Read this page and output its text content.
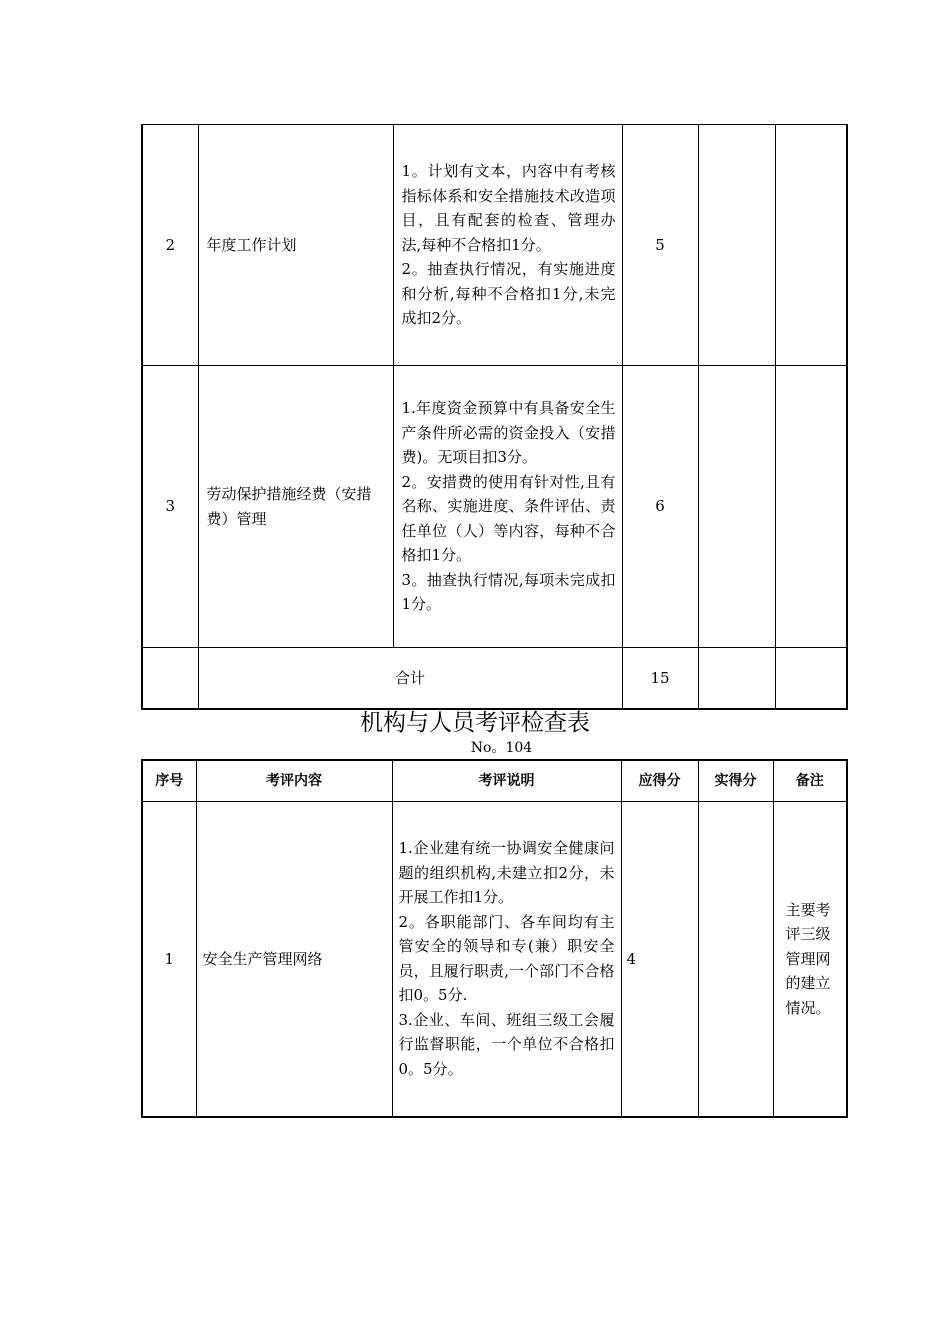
2	年度工作计划	1。计划有文本，内容中有考核指标体系和安全措施技术改造项目，且有配套的检查、管理办法,每种不合格扣1分。
2。抽查执行情况，有实施进度和分析,每种不合格扣1分,未完成扣2分。	5		
3	劳动保护措施经费（安措费）管理	1.年度资金预算中有具备安全生产条件所必需的资金投入（安措费)。无项目扣3分。
2。安措费的使用有针对性,且有名称、实施进度、条件评估、责任单位（人）等内容，每种不合格扣1分。
3。抽查执行情况,每项未完成扣1分。	6		
	合计		15		
机构与人员考评检查表
No。104
序号	考评内容	考评说明	应得分	实得分	备注
1	安全生产管理网络	1.企业建有统一协调安全健康问题的组织机构,未建立扣2分，未开展工作扣1分。
2。各职能部门、各车间均有主管安全的领导和专(兼）职安全员，且履行职责,一个部门不合格扣0。5分.
3.企业、车间、班组三级工会履行监督职能，一个单位不合格扣0。5分。	4		主要考评三级管理网的建立情况。
